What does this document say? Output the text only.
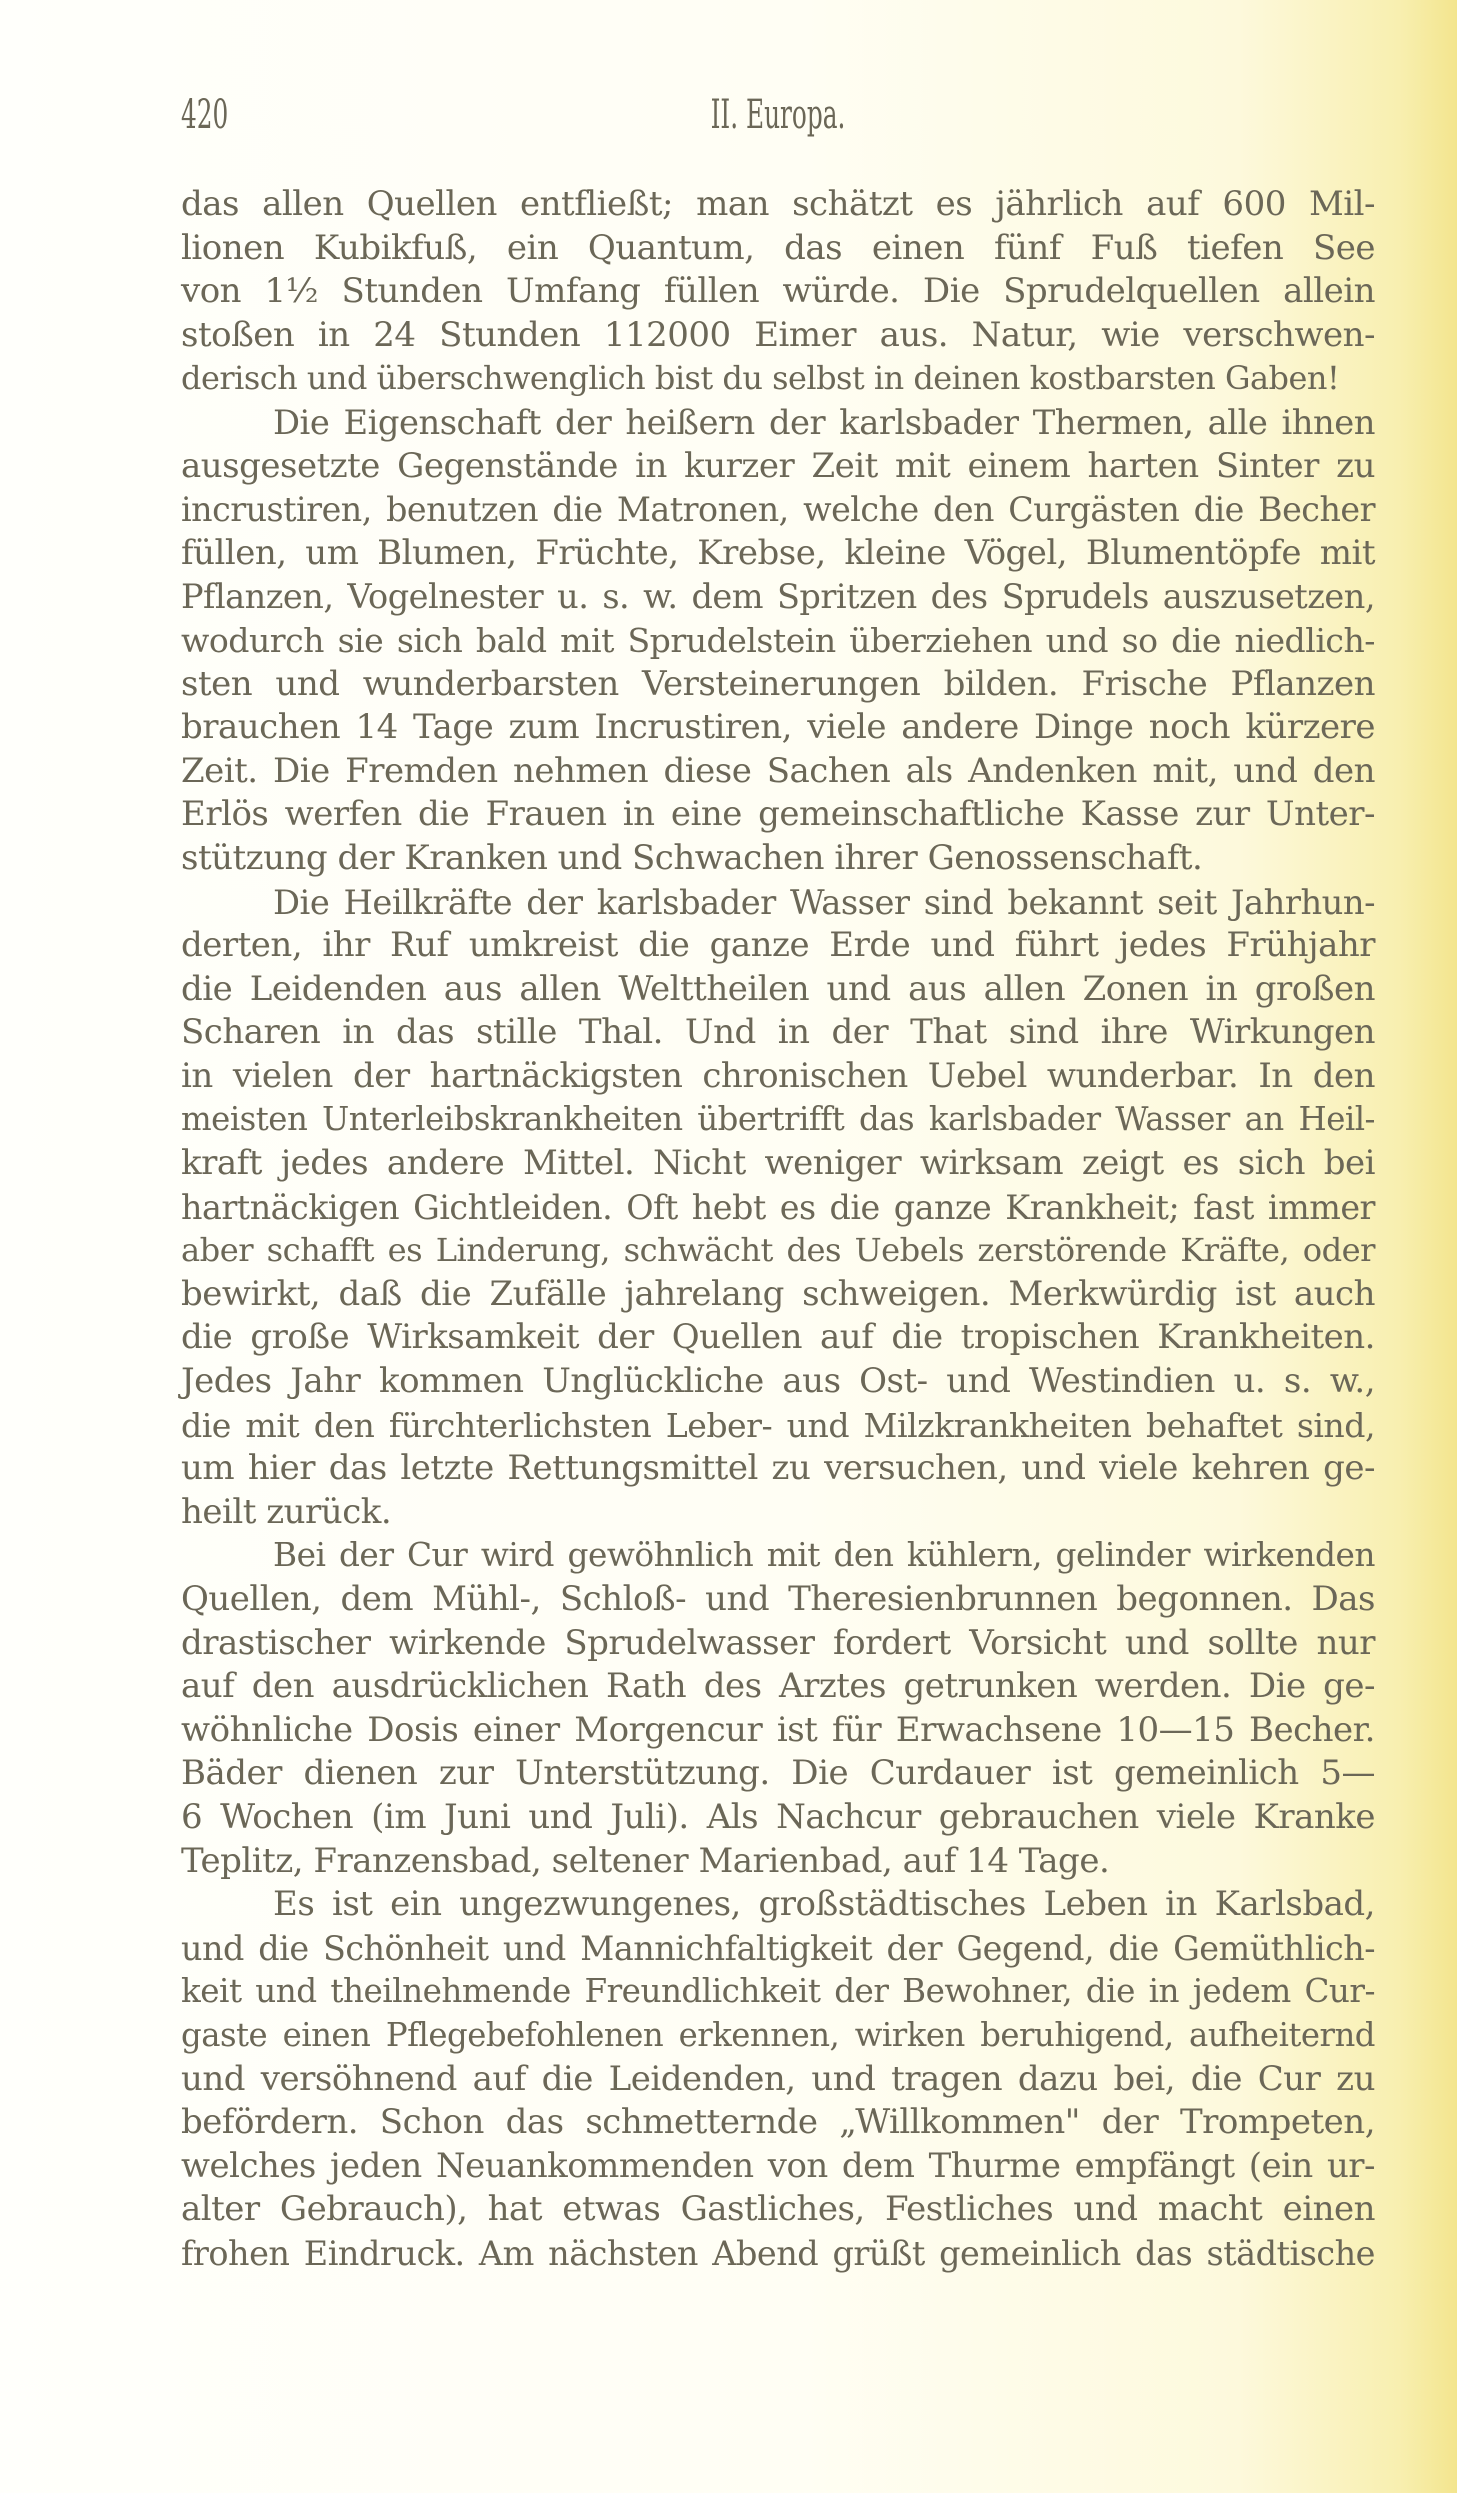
420	II. Europa.
das allen Quellen entfließt; man schätzt es jährlich auf 600 Mil-
lionen Kubikfuß, ein Quantum, das einen fünf Fuß tiefen See
von 1½ Stunden Umfang füllen würde. Die Sprudelquellen allein
stoßen in 24 Stunden 112000 Eimer aus. Natur, wie verschwen-
derisch und überschwenglich bist du selbst in deinen kostbarsten Gaben!
Die Eigenschaft der heißern der karlsbader Thermen, alle ihnen
ausgesetzte Gegenstände in kurzer Zeit mit einem harten Sinter zu
incrustiren, benutzen die Matronen, welche den Curgästen die Becher
füllen, um Blumen, Früchte, Krebse, kleine Vögel, Blumentöpfe mit
Pflanzen, Vogelnester u. s. w. dem Spritzen des Sprudels auszusetzen,
wodurch sie sich bald mit Sprudelstein überziehen und so die niedlich-
sten und wunderbarsten Versteinerungen bilden. Frische Pflanzen
brauchen 14 Tage zum Incrustiren, viele andere Dinge noch kürzere
Zeit. Die Fremden nehmen diese Sachen als Andenken mit, und den
Erlös werfen die Frauen in eine gemeinschaftliche Kasse zur Unter-
stützung der Kranken und Schwachen ihrer Genossenschaft.
Die Heilkräfte der karlsbader Wasser sind bekannt seit Jahrhun-
derten, ihr Ruf umkreist die ganze Erde und führt jedes Frühjahr
die Leidenden aus allen Welttheilen und aus allen Zonen in großen
Scharen in das stille Thal. Und in der That sind ihre Wirkungen
in vielen der hartnäckigsten chronischen Uebel wunderbar. In den
meisten Unterleibskrankheiten übertrifft das karlsbader Wasser an Heil-
kraft jedes andere Mittel. Nicht weniger wirksam zeigt es sich bei
hartnäckigen Gichtleiden. Oft hebt es die ganze Krankheit; fast immer
aber schafft es Linderung, schwächt des Uebels zerstörende Kräfte, oder
bewirkt, daß die Zufälle jahrelang schweigen. Merkwürdig ist auch
die große Wirksamkeit der Quellen auf die tropischen Krankheiten.
Jedes Jahr kommen Unglückliche aus Ost- und Westindien u. s. w.,
die mit den fürchterlichsten Leber- und Milzkrankheiten behaftet sind,
um hier das letzte Rettungsmittel zu versuchen, und viele kehren ge-
heilt zurück.
Bei der Cur wird gewöhnlich mit den kühlern, gelinder wirkenden
Quellen, dem Mühl-, Schloß- und Theresienbrunnen begonnen. Das
drastischer wirkende Sprudelwasser fordert Vorsicht und sollte nur
auf den ausdrücklichen Rath des Arztes getrunken werden. Die ge-
wöhnliche Dosis einer Morgencur ist für Erwachsene 10—15 Becher.
Bäder dienen zur Unterstützung. Die Curdauer ist gemeinlich 5—
6 Wochen (im Juni und Juli). Als Nachcur gebrauchen viele Kranke
Teplitz, Franzensbad, seltener Marienbad, auf 14 Tage.
Es ist ein ungezwungenes, großstädtisches Leben in Karlsbad,
und die Schönheit und Mannichfaltigkeit der Gegend, die Gemüthlich-
keit und theilnehmende Freundlichkeit der Bewohner, die in jedem Cur-
gaste einen Pflegebefohlenen erkennen, wirken beruhigend, aufheiternd
und versöhnend auf die Leidenden, und tragen dazu bei, die Cur zu
befördern. Schon das schmetternde „Willkommen" der Trompeten,
welches jeden Neuankommenden von dem Thurme empfängt (ein ur-
alter Gebrauch), hat etwas Gastliches, Festliches und macht einen
frohen Eindruck. Am nächsten Abend grüßt gemeinlich das städtische
